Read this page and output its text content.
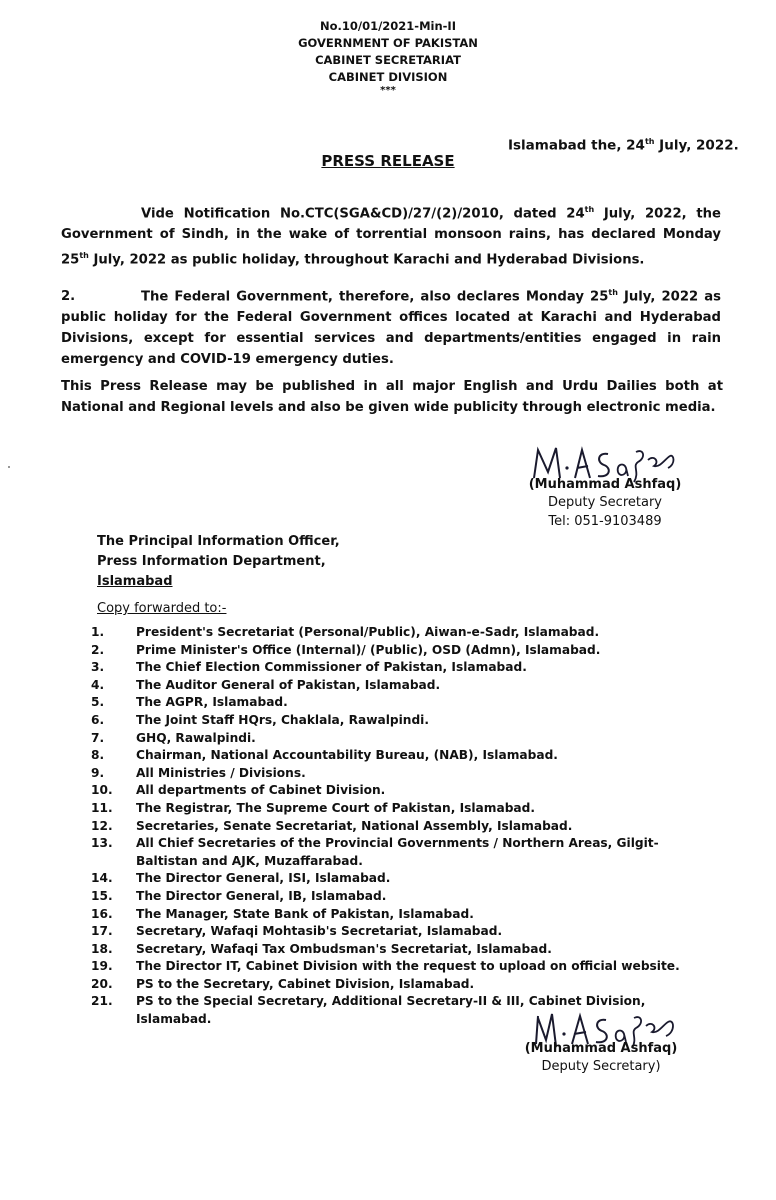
No.10/01/2021-Min-II
GOVERNMENT OF PAKISTAN
CABINET SECRETARIAT
CABINET DIVISION
***
Islamabad the, 24th July, 2022.
PRESS RELEASE
Vide Notification No.CTC(SGA&CD)/27/(2)/2010, dated 24th July, 2022, the Government of Sindh, in the wake of torrential monsoon rains, has declared Monday 25th July, 2022 as public holiday, throughout Karachi and Hyderabad Divisions.
2.	The Federal Government, therefore, also declares Monday 25th July, 2022 as public holiday for the Federal Government offices located at Karachi and Hyderabad Divisions, except for essential services and departments/entities engaged in rain emergency and COVID-19 emergency duties.
This Press Release may be published in all major English and Urdu Dailies both at National and Regional levels and also be given wide publicity through electronic media.
(Muhammad Ashfaq)
Deputy Secretary
Tel: 051-9103489
The Principal Information Officer,
Press Information Department,
Islamabad
Copy forwarded to:-
1.	President's Secretariat (Personal/Public), Aiwan-e-Sadr, Islamabad.
2.	Prime Minister's Office (Internal)/ (Public), OSD (Admn), Islamabad.
3.	The Chief Election Commissioner of Pakistan, Islamabad.
4.	The Auditor General of Pakistan, Islamabad.
5.	The AGPR, Islamabad.
6.	The Joint Staff HQrs, Chaklala, Rawalpindi.
7.	GHQ, Rawalpindi.
8.	Chairman, National Accountability Bureau, (NAB), Islamabad.
9.	All Ministries / Divisions.
10.	All departments of Cabinet Division.
11.	The Registrar, The Supreme Court of Pakistan, Islamabad.
12.	Secretaries, Senate Secretariat, National Assembly, Islamabad.
13.	All Chief Secretaries of the Provincial Governments / Northern Areas, Gilgit-Baltistan and AJK, Muzaffarabad.
14.	The Director General, ISI, Islamabad.
15.	The Director General, IB, Islamabad.
16.	The Manager, State Bank of Pakistan, Islamabad.
17.	Secretary, Wafaqi Mohtasib's Secretariat, Islamabad.
18.	Secretary, Wafaqi Tax Ombudsman's Secretariat, Islamabad.
19.	The Director IT, Cabinet Division with the request to upload on official website.
20.	PS to the Secretary, Cabinet Division, Islamabad.
21.	PS to the Special Secretary, Additional Secretary-II & III, Cabinet Division, Islamabad.
(Muhammad Ashfaq)
Deputy Secretary)
